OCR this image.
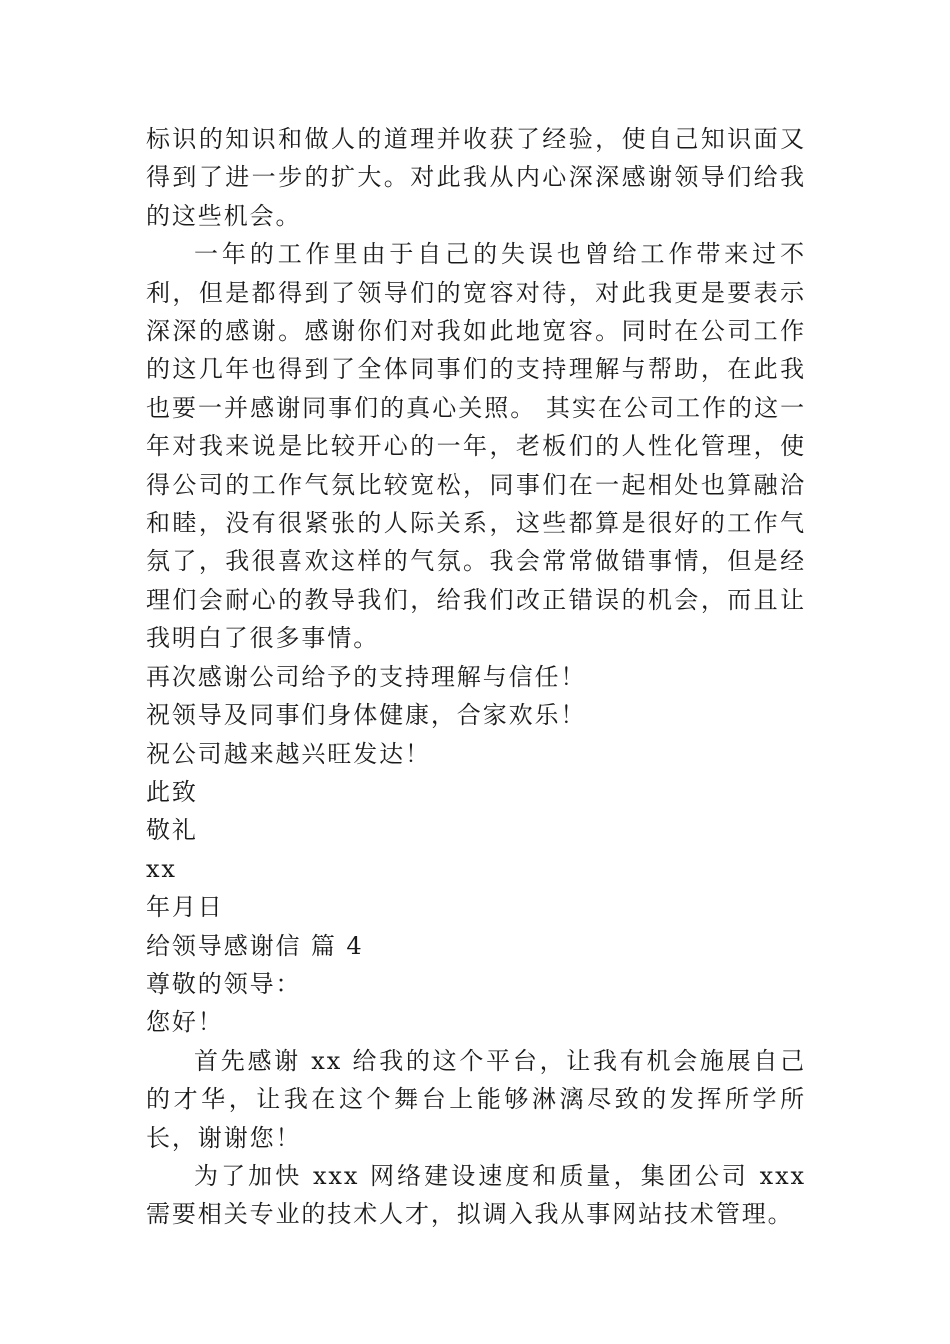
标识的知识和做人的道理并收获了经验，使自己知识面又得到了进一步的扩大。对此我从内心深深感谢领导们给我的这些机会。

一年的工作里由于自己的失误也曾给工作带来过不利，但是都得到了领导们的宽容对待，对此我更是要表示深深的感谢。感谢你们对我如此地宽容。同时在公司工作的这几年也得到了全体同事们的支持理解与帮助，在此我也要一并感谢同事们的真心关照。 其实在公司工作的这一年对我来说是比较开心的一年，老板们的人性化管理，使得公司的工作气氛比较宽松，同事们在一起相处也算融洽和睦，没有很紧张的人际关系，这些都算是很好的工作气氛了，我很喜欢这样的气氛。我会常常做错事情，但是经理们会耐心的教导我们，给我们改正错误的机会，而且让我明白了很多事情。

再次感谢公司给予的支持理解与信任！

祝领导及同事们身体健康，合家欢乐！

祝公司越来越兴旺发达！

此致

敬礼

xx

年月日

给领导感谢信 篇 4

尊敬的领导：

您好！

首先感谢 xx 给我的这个平台，让我有机会施展自己的才华，让我在这个舞台上能够淋漓尽致的发挥所学所长，谢谢您！

为了加快 xxx 网络建设速度和质量，集团公司 xxx 需要相关专业的技术人才，拟调入我从事网站技术管理。
